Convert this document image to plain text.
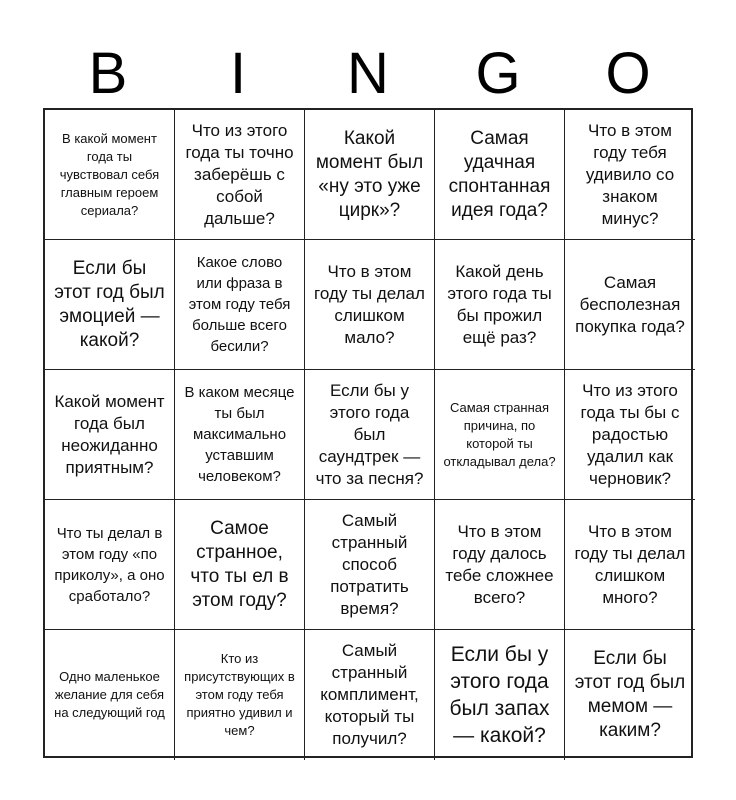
B	I	N	G	O
В какой момент года ты чувствовал себя главным героем сериала?
Что из этого года ты точно заберёшь с собой дальше?
Какой момент был «ну это уже цирк»?
Самая удачная спонтанная идея года?
Что в этом году тебя удивило со знаком минус?
Если бы этот год был эмоцией — какой?
Какое слово или фраза в этом году тебя больше всего бесили?
Что в этом году ты делал слишком мало?
Какой день этого года ты бы прожил ещё раз?
Самая бесполезная покупка года?
Какой момент года был неожиданно приятным?
В каком месяце ты был максимально уставшим человеком?
Если бы у этого года был саундтрек — что за песня?
Самая странная причина, по которой ты откладывал дела?
Что из этого года ты бы с радостью удалил как черновик?
Что ты делал в этом году «по приколу», а оно сработало?
Самое странное, что ты ел в этом году?
Самый странный способ потратить время?
Что в этом году далось тебе сложнее всего?
Что в этом году ты делал слишком много?
Одно маленькое желание для себя на следующий год
Кто из присутствующих в этом году тебя приятно удивил и чем?
Самый странный комплимент, который ты получил?
Если бы у этого года был запах — какой?
Если бы этот год был мемом — каким?
